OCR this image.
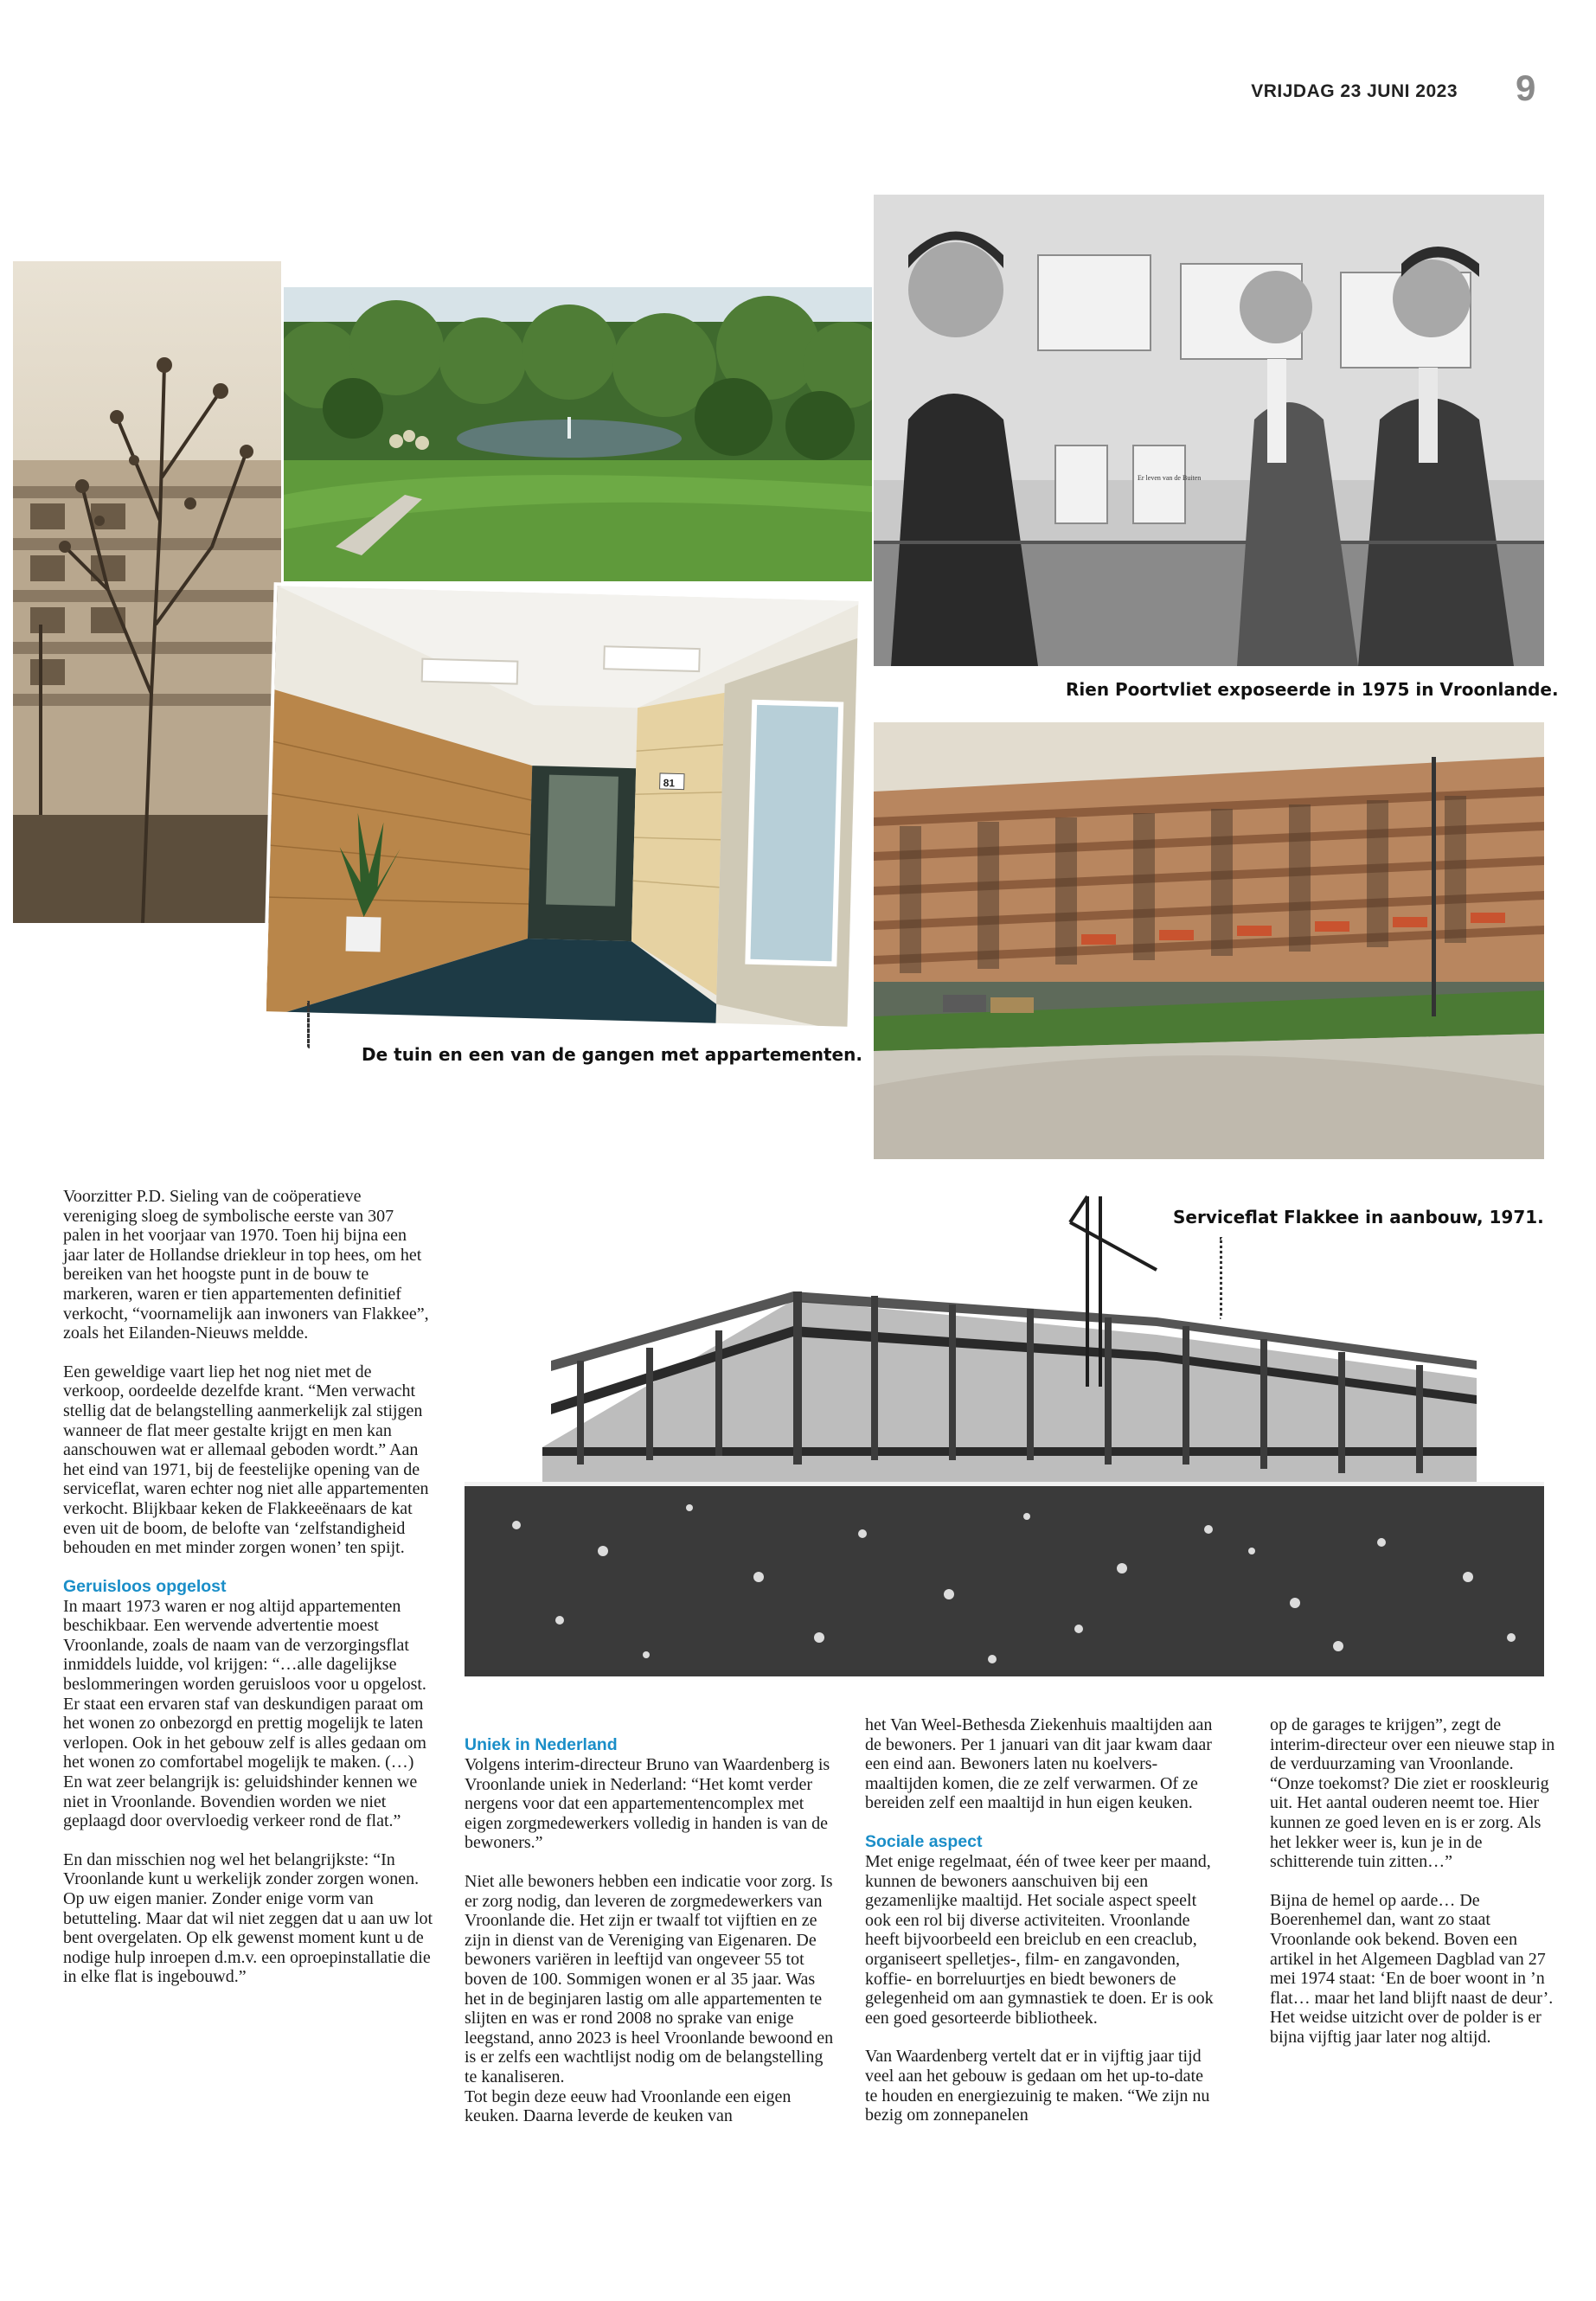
VRIJDAG 23 JUNI 2023 9
81
Er leven van de Buiten
Rien Poortvliet exposeerde in 1975 in Vroonlande.
De tuin en een van de gangen met appartementen.
Serviceflat Flakkee in aanbouw, 1971.

Voorzitter P.D. Sieling van de coöperatieve vereniging sloeg de symbolische eerste van 307 palen in het voorjaar van 1970. Toen hij bijna een jaar later de Hollandse driekleur in top hees, om het bereiken van het hoogste punt in de bouw te markeren, waren er tien appartementen definitief verkocht, “voornamelijk aan inwoners van Flakkee”, zoals het Eilanden-Nieuws meldde.

Een geweldige vaart liep het nog niet met de verkoop, oordeelde dezelfde krant. “Men verwacht stellig dat de belangstelling aanmerkelijk zal stijgen wanneer de flat meer gestalte krijgt en men kan aanschouwen wat er allemaal geboden wordt.” Aan het eind van 1971, bij de feestelijke opening van de serviceflat, waren echter nog niet alle appartementen verkocht. Blijkbaar keken de Flakkeeënaars de kat even uit de boom, de belofte van ‘zelfstandigheid behouden en met minder zorgen wonen’ ten spijt.

Geruisloos opgelost

In maart 1973 waren er nog altijd appartementen beschikbaar. Een wervende advertentie moest Vroonlande, zoals de naam van de verzorgingsflat inmiddels luidde, vol krijgen: “…alle dagelijkse beslommeringen worden geruisloos voor u opgelost. Er staat een ervaren staf van deskundigen paraat om het wonen zo onbezorgd en prettig mogelijk te laten verlopen. Ook in het gebouw zelf is alles gedaan om het wonen zo comfortabel mogelijk te maken. (…) En wat zeer belangrijk is: geluidshinder kennen we niet in Vroonlande. Bovendien worden we niet geplaagd door overvloedig verkeer rond de flat.”

En dan misschien nog wel het belangrijkste: “In Vroonlande kunt u werkelijk zonder zorgen wonen. Op uw eigen manier. Zonder enige vorm van betutteling. Maar dat wil niet zeggen dat u aan uw lot bent overgelaten. Op elk gewenst moment kunt u de nodige hulp inroepen d.m.v. een oproepinstallatie die in elke flat is ingebouwd.”

Uniek in Nederland

Volgens interim-directeur Bruno van Waardenberg is Vroonlande uniek in Nederland: “Het komt verder nergens voor dat een appartementencomplex met eigen zorgmedewerkers volledig in handen is van de bewoners.”

Niet alle bewoners hebben een indicatie voor zorg. Is er zorg nodig, dan leveren de zorgmedewerkers van Vroonlande die. Het zijn er twaalf tot vijftien en ze zijn in dienst van de Vereniging van Eigenaren. De bewoners variëren in leeftijd van ongeveer 55 tot boven de 100. Sommigen wonen er al 35 jaar. Was het in de beginjaren lastig om alle appartementen te slijten en was er rond 2008 no sprake van enige leegstand, anno 2023 is heel Vroonlande bewoond en is er zelfs een wachtlijst nodig om de belangstelling te kanaliseren.

Tot begin deze eeuw had Vroonlande een eigen keuken. Daarna leverde de keuken van

het Van Weel-Bethesda Ziekenhuis maaltijden aan de bewoners. Per 1 januari van dit jaar kwam daar een eind aan. Bewoners laten nu koelvers-maaltijden komen, die ze zelf verwarmen. Of ze bereiden zelf een maaltijd in hun eigen keuken.

Sociale aspect

Met enige regelmaat, één of twee keer per maand, kunnen de bewoners aanschuiven bij een gezamenlijke maaltijd. Het sociale aspect speelt ook een rol bij diverse activiteiten. Vroonlande heeft bijvoorbeeld een breiclub en een creaclub, organiseert spelletjes-, film- en zangavonden, koffie- en borreluurtjes en biedt bewoners de gelegenheid om aan gymnastiek te doen. Er is ook een goed gesorteerde bibliotheek.

Van Waardenberg vertelt dat er in vijftig jaar tijd veel aan het gebouw is gedaan om het up-to-date te houden en energiezuinig te maken. “We zijn nu bezig om zonnepanelen

op de garages te krijgen”, zegt de interim-directeur over een nieuwe stap in de verduurzaming van Vroonlande. “Onze toekomst? Die ziet er rooskleurig uit. Het aantal ouderen neemt toe. Hier kunnen ze goed leven en is er zorg. Als het lekker weer is, kun je in de schitterende tuin zitten…”

Bijna de hemel op aarde… De Boerenhemel dan, want zo staat Vroonlande ook bekend. Boven een artikel in het Algemeen Dagblad van 27 mei 1974 staat: ‘En de boer woont in ’n flat… maar het land blijft naast de deur’. Het weidse uitzicht over de polder is er bijna vijftig jaar later nog altijd.
